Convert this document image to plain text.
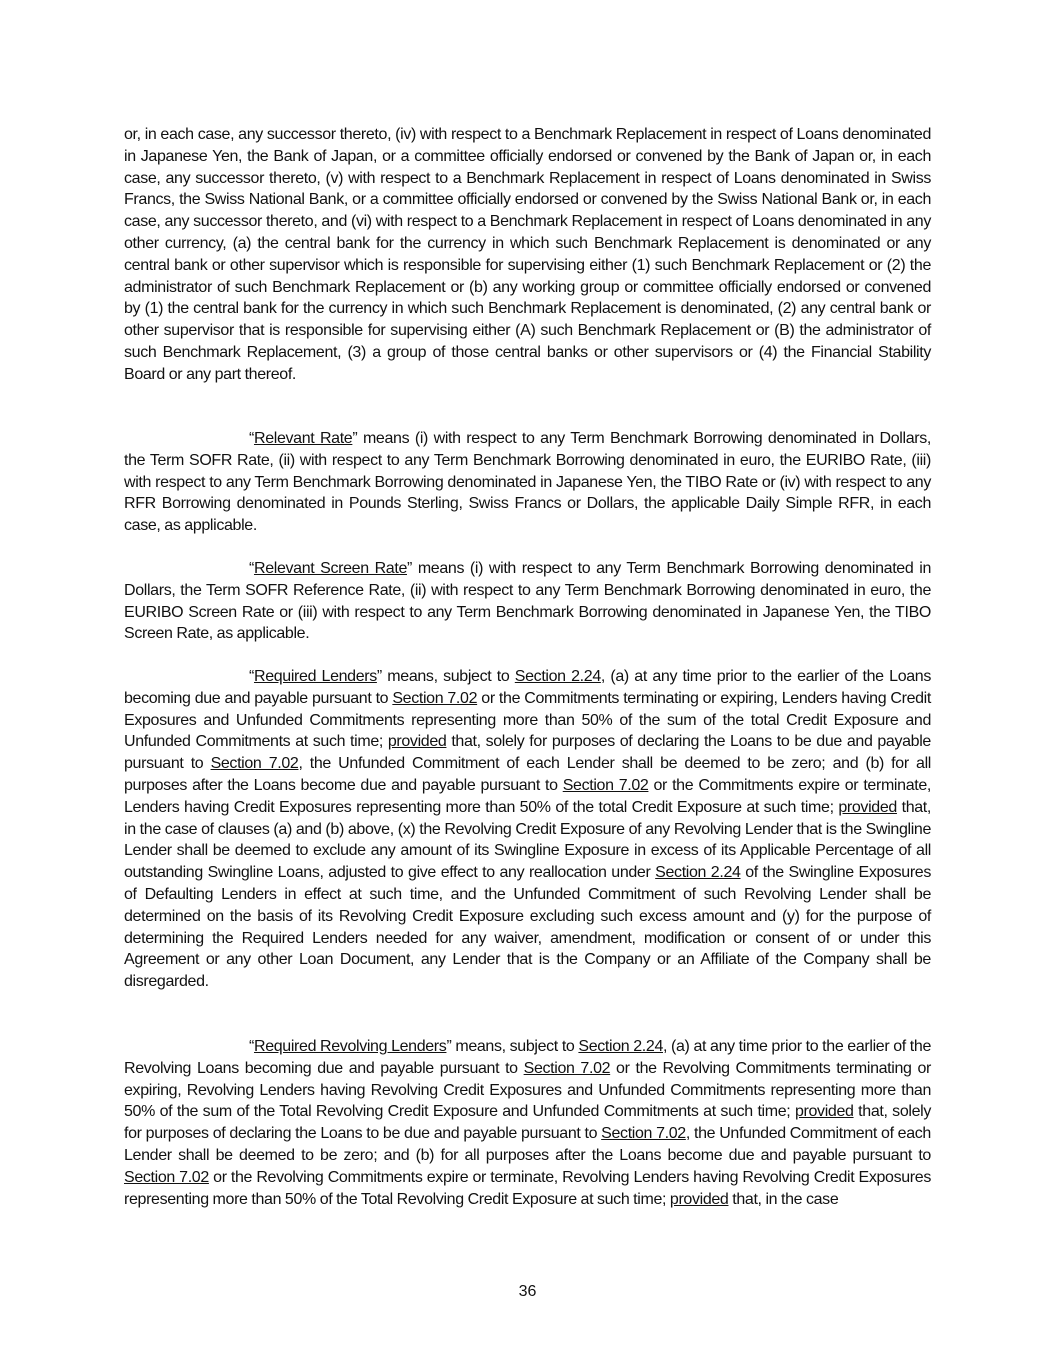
or, in each case, any successor thereto, (iv) with respect to a Benchmark Replacement in respect of Loans denominated in Japanese Yen, the Bank of Japan, or a committee officially endorsed or convened by the Bank of Japan or, in each case, any successor thereto, (v) with respect to a Benchmark Replacement in respect of Loans denominated in Swiss Francs, the Swiss National Bank, or a committee officially endorsed or convened by the Swiss National Bank or, in each case, any successor thereto, and (vi) with respect to a Benchmark Replacement in respect of Loans denominated in any other currency, (a) the central bank for the currency in which such Benchmark Replacement is denominated or any central bank or other supervisor which is responsible for supervising either (1) such Benchmark Replacement or (2) the administrator of such Benchmark Replacement or (b) any working group or committee officially endorsed or convened by (1) the central bank for the currency in which such Benchmark Replacement is denominated, (2) any central bank or other supervisor that is responsible for supervising either (A) such Benchmark Replacement or (B) the administrator of such Benchmark Replacement, (3) a group of those central banks or other supervisors or (4) the Financial Stability Board or any part thereof.

“Relevant Rate” means (i) with respect to any Term Benchmark Borrowing denominated in Dollars, the Term SOFR Rate, (ii) with respect to any Term Benchmark Borrowing denominated in euro, the EURIBO Rate, (iii) with respect to any Term Benchmark Borrowing denominated in Japanese Yen, the TIBO Rate or (iv) with respect to any RFR Borrowing denominated in Pounds Sterling, Swiss Francs or Dollars, the applicable Daily Simple RFR, in each case, as applicable.

“Relevant Screen Rate” means (i) with respect to any Term Benchmark Borrowing denominated in Dollars, the Term SOFR Reference Rate, (ii) with respect to any Term Benchmark Borrowing denominated in euro, the EURIBO Screen Rate or (iii) with respect to any Term Benchmark Borrowing denominated in Japanese Yen, the TIBO Screen Rate, as applicable.

“Required Lenders” means, subject to Section 2.24, (a) at any time prior to the earlier of the Loans becoming due and payable pursuant to Section 7.02 or the Commitments terminating or expiring, Lenders having Credit Exposures and Unfunded Commitments representing more than 50% of the sum of the total Credit Exposure and Unfunded Commitments at such time; provided that, solely for purposes of declaring the Loans to be due and payable pursuant to Section 7.02, the Unfunded Commitment of each Lender shall be deemed to be zero; and (b) for all purposes after the Loans become due and payable pursuant to Section 7.02 or the Commitments expire or terminate, Lenders having Credit Exposures representing more than 50% of the total Credit Exposure at such time; provided that, in the case of clauses (a) and (b) above, (x) the Revolving Credit Exposure of any Revolving Lender that is the Swingline Lender shall be deemed to exclude any amount of its Swingline Exposure in excess of its Applicable Percentage of all outstanding Swingline Loans, adjusted to give effect to any reallocation under Section 2.24 of the Swingline Exposures of Defaulting Lenders in effect at such time, and the Unfunded Commitment of such Revolving Lender shall be determined on the basis of its Revolving Credit Exposure excluding such excess amount and (y) for the purpose of determining the Required Lenders needed for any waiver, amendment, modification or consent of or under this Agreement or any other Loan Document, any Lender that is the Company or an Affiliate of the Company shall be disregarded.

“Required Revolving Lenders” means, subject to Section 2.24, (a) at any time prior to the earlier of the Revolving Loans becoming due and payable pursuant to Section 7.02 or the Revolving Commitments terminating or expiring, Revolving Lenders having Revolving Credit Exposures and Unfunded Commitments representing more than 50% of the sum of the Total Revolving Credit Exposure and Unfunded Commitments at such time; provided that, solely for purposes of declaring the Loans to be due and payable pursuant to Section 7.02, the Unfunded Commitment of each Lender shall be deemed to be zero; and (b) for all purposes after the Loans become due and payable pursuant to Section 7.02 or the Revolving Commitments expire or terminate, Revolving Lenders having Revolving Credit Exposures representing more than 50% of the Total Revolving Credit Exposure at such time; provided that, in the case

36
